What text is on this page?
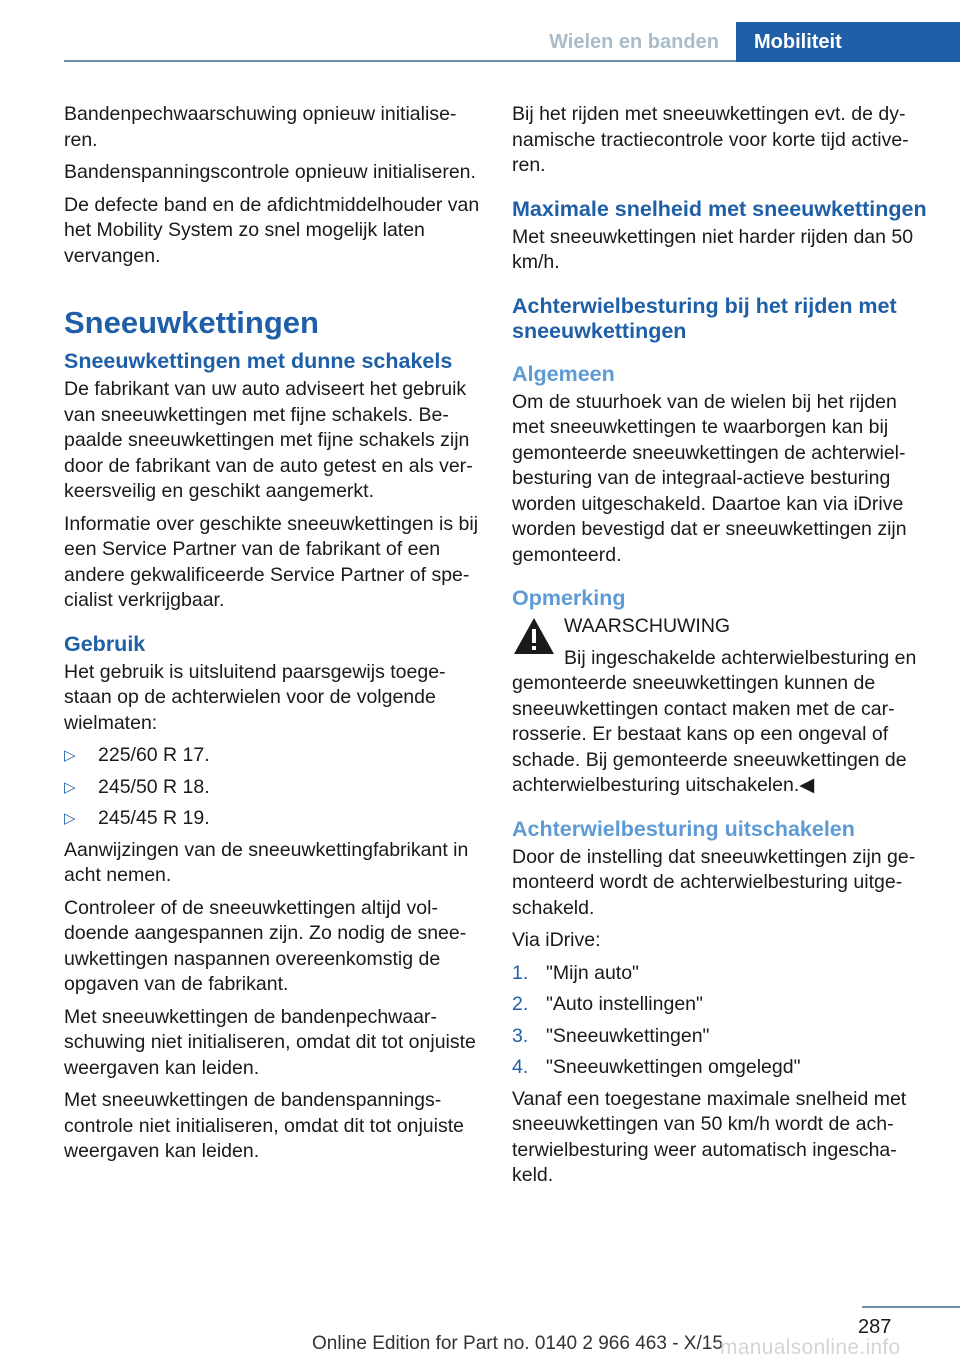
Wielen en banden	Mobiliteit

Bandenpechwaarschuwing opnieuw initialiseren.

Bandenspanningscontrole opnieuw initialiseren.

De defecte band en de afdichtmiddelhouder van het Mobility System zo snel mogelijk laten vervangen.

Sneeuwkettingen
Sneeuwkettingen met dunne schakels

De fabrikant van uw auto adviseert het gebruik van sneeuwkettingen met fijne schakels. Bepaalde sneeuwkettingen met fijne schakels zijn door de fabrikant van de auto getest en als verkeersveilig en geschikt aangemerkt.

Informatie over geschikte sneeuwkettingen is bij een Service Partner van de fabrikant of een andere gekwalificeerde Service Partner of specialist verkrijgbaar.

Gebruik

Het gebruik is uitsluitend paarsgewijs toegestaan op de achterwielen voor de volgende wielmaten:

▷ 225/60 R 17.
▷ 245/50 R 18.
▷ 245/45 R 19.

Aanwijzingen van de sneeuwkettingfabrikant in acht nemen.

Controleer of de sneeuwkettingen altijd voldoende aangespannen zijn. Zo nodig de sneeuwkettingen naspannen overeenkomstig de opgaven van de fabrikant.

Met sneeuwkettingen de bandenpechwaarschuwing niet initialiseren, omdat dit tot onjuiste weergaven kan leiden.

Met sneeuwkettingen de bandenspanningscontrole niet initialiseren, omdat dit tot onjuiste weergaven kan leiden.

Bij het rijden met sneeuwkettingen evt. de dynamische tractiecontrole voor korte tijd activeren.

Maximale snelheid met sneeuwkettingen

Met sneeuwkettingen niet harder rijden dan 50 km/h.

Achterwielbesturing bij het rijden met sneeuwkettingen
Algemeen

Om de stuurhoek van de wielen bij het rijden met sneeuwkettingen te waarborgen kan bij gemonteerde sneeuwkettingen de achterwielbesturing van de integraal-actieve besturing worden uitgeschakeld. Daartoe kan via iDrive worden bevestigd dat er sneeuwkettingen zijn gemonteerd.

Opmerking
WAARSCHUWING

Bij ingeschakelde achterwielbesturing en gemonteerde sneeuwkettingen kunnen de sneeuwkettingen contact maken met de carrosserie. Er bestaat kans op een ongeval of schade. Bij gemonteerde sneeuwkettingen de achterwielbesturing uitschakelen.◀

Achterwielbesturing uitschakelen

Door de instelling dat sneeuwkettingen zijn gemonteerd wordt de achterwielbesturing uitgeschakeld.

Via iDrive:

1. "Mijn auto"
2. "Auto instellingen"
3. "Sneeuwkettingen"
4. "Sneeuwkettingen omgelegd"

Vanaf een toegestane maximale snelheid met sneeuwkettingen van 50 km/h wordt de achterwielbesturing weer automatisch ingeschakeld.

287
Online Edition for Part no. 0140 2 966 463 - X/15
manualsonline.info
